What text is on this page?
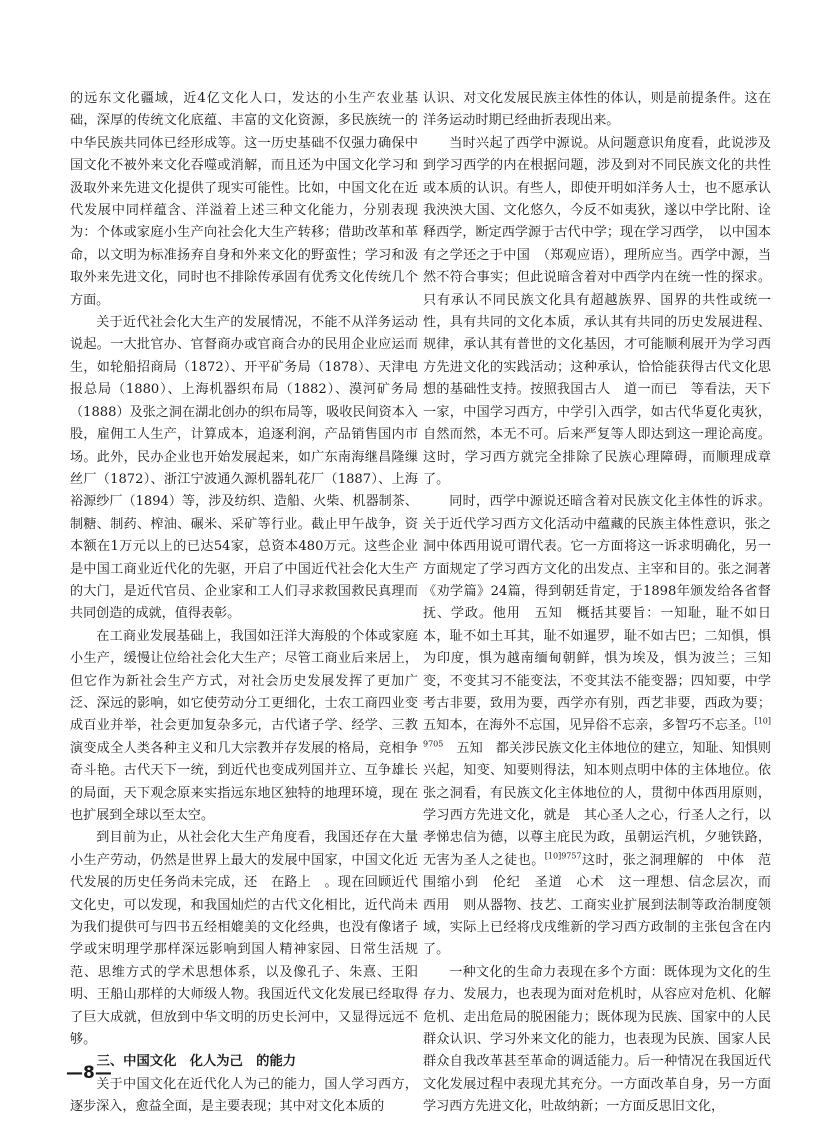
的远东文化疆域，近4亿文化人口，发达的小生产农业基础，深厚的传统文化底蕴、丰富的文化资源，多民族统一的中华民族共同体已经形成等。这一历史基础不仅强力确保中国文化不被外来文化吞噬或消解，而且还为中国文化学习和汲取外来先进文化提供了现实可能性。比如，中国文化在近代发展中同样蕴含、洋溢着上述三种文化能力，分别表现为：个体或家庭小生产向社会化大生产转移；借助改革和革命，以文明为标准扬弃自身和外来文化的野蛮性；学习和汲取外来先进文化，同时也不排除传承固有优秀文化传统几个方面。

关于近代社会化大生产的发展情况，不能不从洋务运动说起。一大批官办、官督商办或官商合办的民用企业应运而生，如轮船招商局（1872）、开平矿务局（1878）、天津电报总局（1880）、上海机器织布局（1882）、漠河矿务局（1888）及张之洞在湖北创办的织布局等，吸收民间资本入股，雇佣工人生产，计算成本，追逐利润，产品销售国内市场。此外，民办企业也开始发展起来，如广东南海继昌隆缫丝厂（1872）、浙江宁波通久源机器轧花厂（1887）、上海裕源纱厂（1894）等，涉及纺织、造船、火柴、机器制茶、制糖、制药、榨油、碾米、采矿等行业。截止甲午战争，资本额在1万元以上的已达54家，总资本480万元。这些企业是中国工商业近代化的先驱，开启了中国近代社会化大生产的大门，是近代官员、企业家和工人们寻求救国救民真理而共同创造的成就，值得表彰。

在工商业发展基础上，我国如汪洋大海般的个体或家庭小生产，缓慢让位给社会化大生产；尽管工商业后来居上，但它作为新社会生产方式，对社会历史发展发挥了更加广泛、深远的影响，如它使劳动分工更细化，士农工商四业变成百业并举，社会更加复杂多元，古代诸子学、经学、三教演变成全人类各种主义和几大宗教并存发展的格局，竞相争奇斗艳。古代天下一统，到近代也变成列国并立、互争雄长的局面，天下观念原来实指远东地区独特的地理环境，现在也扩展到全球以至太空。

到目前为止，从社会化大生产角度看，我国还存在大量小生产劳动，仍然是世界上最大的发展中国家，中国文化近代发展的历史任务尚未完成，还　在路上　。现在回顾近代文化史，可以发现，和我国灿烂的古代文化相比，近代尚未为我们提供可与四书五经相媲美的文化经典，也没有像诸子学或宋明理学那样深远影响到国人精神家园、日常生活规范、思维方式的学术思想体系，以及像孔子、朱熹、王阳明、王船山那样的大师级人物。我国近代文化发展已经取得了巨大成就，但放到中华文明的历史长河中，又显得远远不够。

三、中国文化　化人为己　的能力

关于中国文化在近代化人为己的能力，国人学习西方，逐步深入，愈益全面，是主要表现；其中对文化本质的

认识、对文化发展民族主体性的体认，则是前提条件。这在洋务运动时期已经曲折表现出来。

当时兴起了西学中源说。从问题意识角度看，此说涉及到学习西学的内在根据问题，涉及到对不同民族文化的共性或本质的认识。有些人，即使开明如洋务人士，也不愿承认我泱泱大国、文化悠久，今反不如夷狄，遂以中学比附、诠释西学，断定西学源于古代中学；现在学习西学，　以中国本有之学还之于中国　（郑观应语），理所应当。西学中源，当然不符合事实；但此说暗含着对中西学内在统一性的探求。只有承认不同民族文化具有超越族界、国界的共性或统一性，具有共同的文化本质，承认其有共同的历史发展进程、规律，承认其有普世的文化基因，才可能顺利展开为学习西方先进文化的实践活动；这种承认，恰恰能获得古代文化思想的基础性支持。按照我国古人　道一而已　等看法，天下一家，中国学习西方，中学引入西学，如古代华夏化夷狄，自然而然，本无不可。后来严复等人即达到这一理论高度。这时，学习西方就完全排除了民族心理障碍，而顺理成章了。

同时，西学中源说还暗含着对民族文化主体性的诉求。关于近代学习西方文化活动中蕴藏的民族主体性意识，张之洞中体西用说可谓代表。它一方面将这一诉求明确化，另一方面规定了学习西方文化的出发点、主宰和目的。张之洞著《劝学篇》24篇，得到朝廷肯定，于1898年颁发给各省督抚、学政。他用　五知　概括其要旨：一知耻，耻不如日本，耻不如土耳其，耻不如暹罗，耻不如古巴；二知惧，惧为印度，惧为越南缅甸朝鲜，惧为埃及，惧为波兰；三知变，不变其习不能变法，不变其法不能变器；四知要，中学考古非要，致用为要，西学亦有别，西艺非要，西政为要；五知本，在海外不忘国，见异俗不忘亲，多智巧不忘圣。$^{[10]9705}$　五知　都关涉民族文化主体地位的建立，知耻、知惧则兴起，知变、知要则得法，知本则点明中体的主体地位。依张之洞看，有民族文化主体地位的人，贯彻中体西用原则，学习西方先进文化，就是　其心圣人之心，行圣人之行，以孝悌忠信为德，以尊主庇民为政，虽朝运汽机，夕驰铁路，无害为圣人之徒也。$^{[10]9757}$这时，张之洞理解的　中体　范围缩小到　伦纪　圣道　心术　这一理想、信念层次，而　西用　则从器物、技艺、工商实业扩展到法制等政治制度领域，实际上已经将戊戌维新的学习西方政制的主张包含在内了。

一种文化的生命力表现在多个方面：既体现为文化的生存力、发展力，也表现为面对危机时，从容应对危机、化解危机、走出危局的脱困能力；既体现为民族、国家中的人民群众认识、学习外来文化的能力，也表现为民族、国家人民群众自我改革甚至革命的调适能力。后一种情况在我国近代文化发展过程中表现尤其充分。一方面改革自身，另一方面学习西方先进文化，吐故纳新；一方面反思旧文化，

—8—
